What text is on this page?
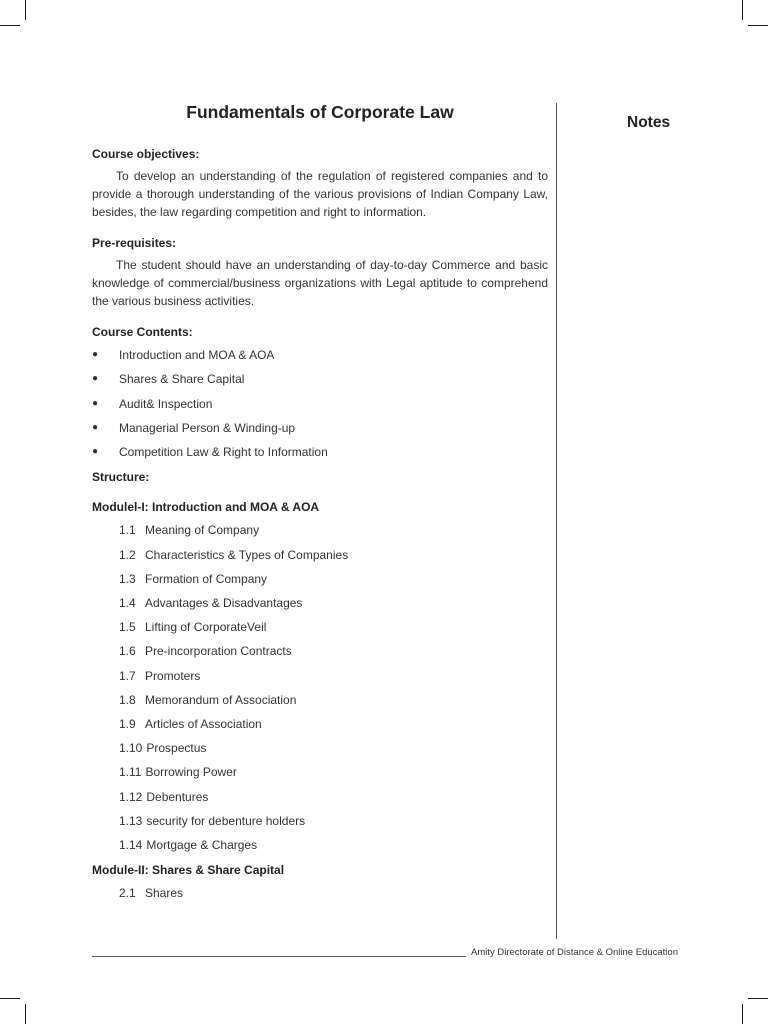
Fundamentals of Corporate Law
Notes

Course objectives:

To develop an understanding of the regulation of registered companies and to provide a thorough understanding of the various provisions of Indian Company Law, besides, the law regarding competition and right to information.

Pre-requisites:

The student should have an understanding of day-to-day Commerce and basic knowledge of commercial/business organizations with Legal aptitude to comprehend the various business activities.

Course Contents:

● Introduction and MOA & AOA
● Shares & Share Capital
● Audit& Inspection
● Managerial Person & Winding-up
● Competition Law & Right to Information

Structure:

Modulel-I: Introduction and MOA & AOA

1.1 Meaning of Company
1.2 Characteristics & Types of Companies
1.3 Formation of Company
1.4 Advantages & Disadvantages
1.5 Lifting of CorporateVeil
1.6 Pre-incorporation Contracts
1.7 Promoters
1.8 Memorandum of Association
1.9 Articles of Association
1.10 Prospectus
1.11 Borrowing Power
1.12 Debentures
1.13 security for debenture holders
1.14 Mortgage & Charges

Module-II: Shares & Share Capital

2.1 Shares
Amity Directorate of Distance & Online Education
